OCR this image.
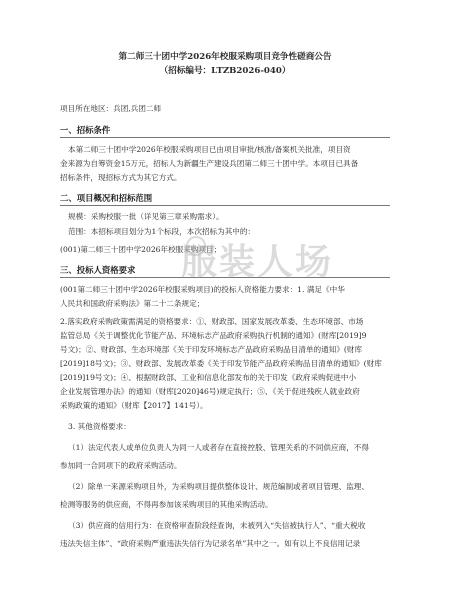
第二师三十团中学2026年校服采购项目竞争性磋商公告
（招标编号：LTZB2026-040）
项目所在地区：兵团,兵团二师
一、招标条件
本第二师三十团中学2026年校服采购项目已由项目审批/核准/备案机关批准，项目资
金来源为自筹资金15万元，招标人为新疆生产建设兵团第二师三十团中学。本项目已具备
招标条件，现招标方式为其它方式。
二、项目概况和招标范围
规模：采购校服一批（详见第三章采购需求）。
范围：本招标项目划分为1个标段，本次招标为其中的：
(001)第二师三十团中学2026年校服采购项目；
三、投标人资格要求
(001第二师三十团中学2026年校服采购项目)的投标人资格能力要求：1. 满足《中华
人民共和国政府采购法》第二十二条规定；
2.落实政府采购政策需满足的资格要求：①、财政部、国家发展改革委、生态环境部、市场
监管总局《关于调整优化节能产品、环境标志产品政府采购执行机制的通知》(财库[2019]9
号文)；②、财政部、生态环境部《关于印发环境标志产品政府采购品目清单的通知》(财库
[2019]18号文)；③、财政部、发展改革委《关于印发节能产品政府采购品目清单的通知》(财库
[2019]19号文)；④、根据财政部、工业和信息化部发布的关于印发《政府采购促进中小
企业发展管理办法》的通知（财库[2020]46号)规定执行；⑤、《关于促进残疾人就业政府
采购政策的通知》（财库【2017】141号）。
3. 其他资格要求：
（1）法定代表人或单位负责人为同一人或者存在直接控股、管理关系的不同供应商，不得
参加同一合同项下的政府采购活动。
（2）除单一来源采购项目外，为采购项目提供整体设计、规范编制或者项目管理、监理、
检测等服务的供应商，不得再参加该采购项目的其他采购活动。
（3）供应商的信用行为：在资格审查阶段经查询，未被列入“失信被执行人”、“重大税收
违法失信主体”、“政府采购严重违法失信行为记录名单”其中之一。如有以上不良信用记录
服装人场
